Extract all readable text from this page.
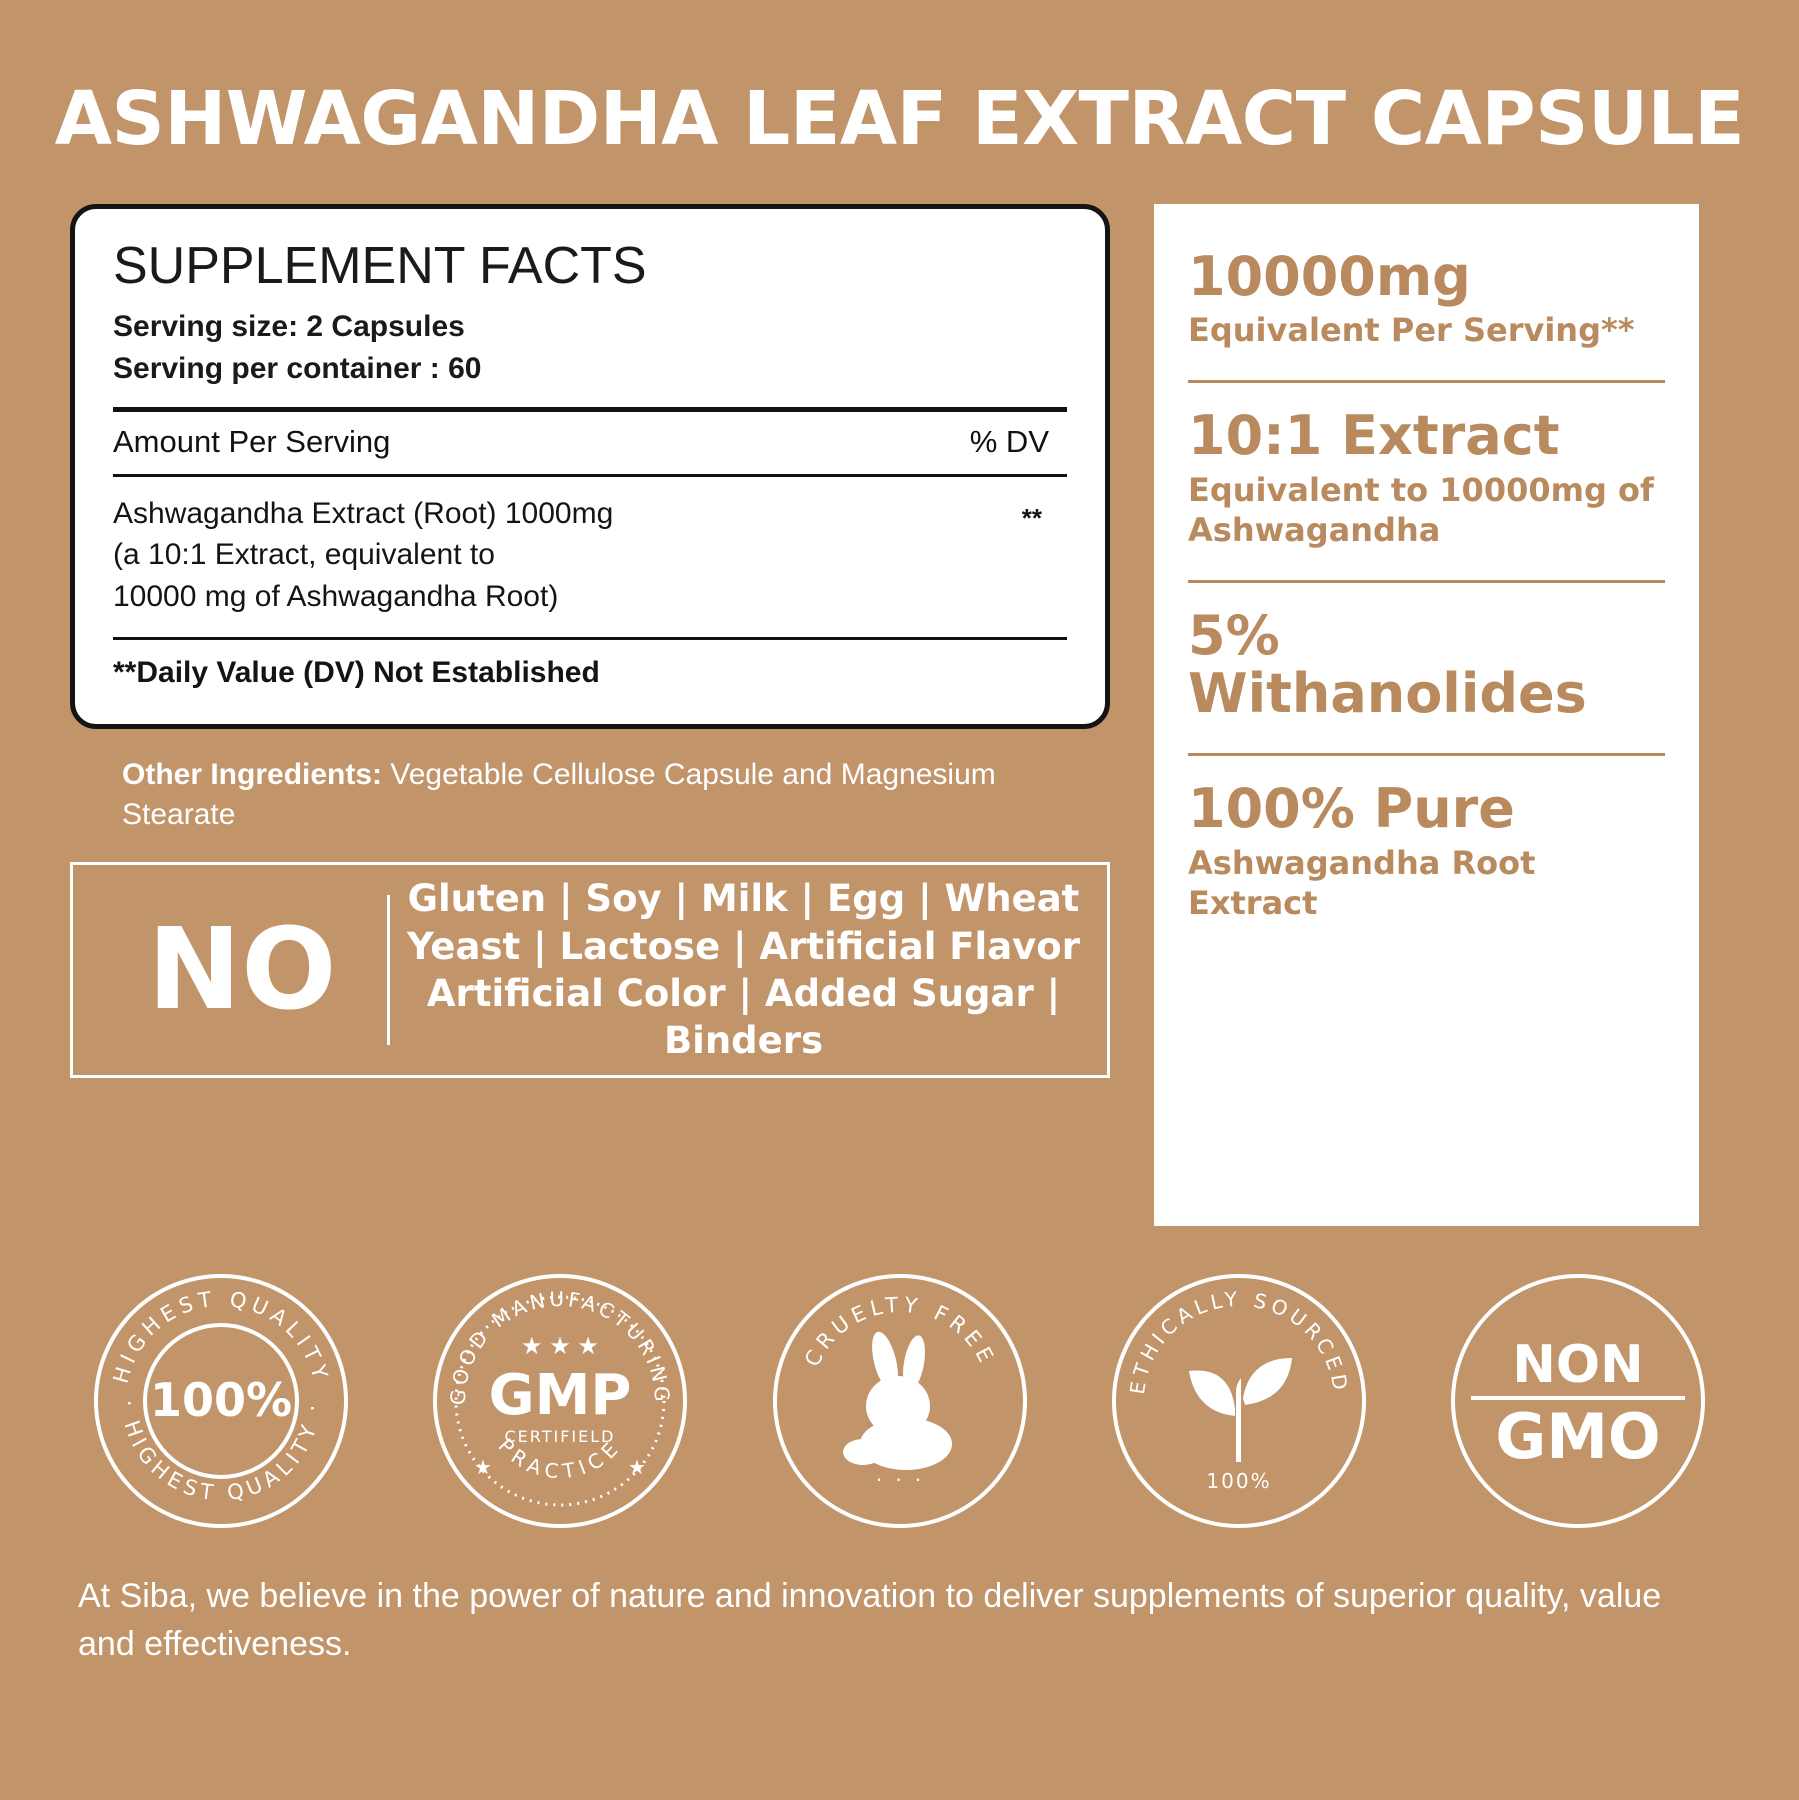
ASHWAGANDHA LEAF EXTRACT CAPSULE
SUPPLEMENT FACTS
Serving size: 2 Capsules
Serving per container : 60
Amount Per Serving	% DV
Ashwagandha Extract (Root) 1000mg
(a 10:1 Extract, equivalent to
10000 mg of Ashwagandha Root)
**
**Daily Value (DV) Not Established
Other Ingredients: Vegetable Cellulose Capsule and Magnesium Stearate
NO
Gluten | Soy | Milk | Egg | Wheat
Yeast | Lactose | Artificial Flavor
Artificial Color | Added Sugar | Binders
10000mg
Equivalent Per Serving**
10:1 Extract
Equivalent to 10000mg of Ashwagandha
5% Withanolides
100% Pure
Ashwagandha Root Extract
HIGHEST QUALITY
· HIGHEST QUALITY ·
100%	GOOD MANUFACTURING
PRACTICE
★ ★ ★
GMP
CERTIFIELD
★	★
CRUELTY FREE
· · ·
ETHICALLY SOURCED
100%
NON
GMO
At Siba, we believe in the power of nature and innovation to deliver supplements of superior quality, value and effectiveness.
